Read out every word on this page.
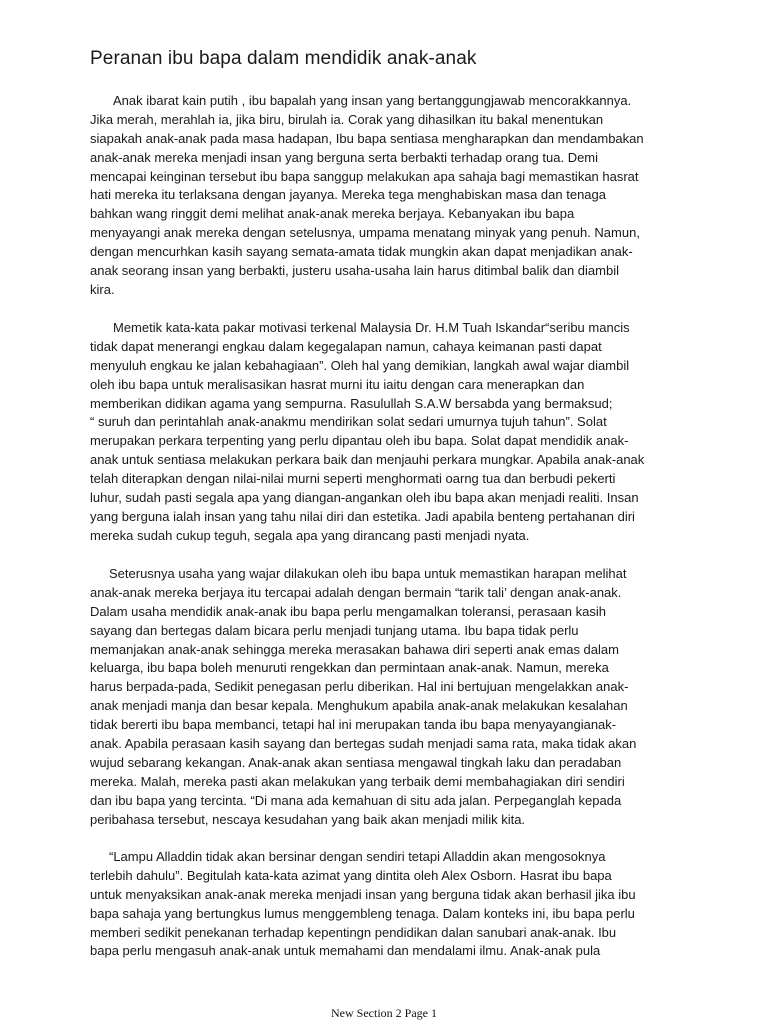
Peranan ibu bapa dalam mendidik anak-anak
Anak ibarat kain putih , ibu bapalah yang insan yang bertanggungjawab mencorakkannya.
Jika merah, merahlah ia, jika biru, birulah ia. Corak yang dihasilkan itu bakal menentukan
siapakah anak-anak pada masa hadapan, Ibu bapa sentiasa mengharapkan dan mendambakan
anak-anak mereka menjadi insan yang berguna serta berbakti terhadap orang tua. Demi
mencapai keinginan tersebut ibu bapa sanggup melakukan apa sahaja bagi memastikan hasrat
hati mereka itu terlaksana dengan jayanya. Mereka tega menghabiskan masa dan tenaga
bahkan wang ringgit demi melihat anak-anak mereka berjaya. Kebanyakan ibu bapa
menyayangi anak mereka dengan setelusnya, umpama menatang minyak yang penuh. Namun,
dengan mencurhkan kasih sayang semata-amata tidak mungkin akan dapat menjadikan anak-
anak seorang insan yang berbakti, justeru usaha-usaha lain harus ditimbal balik dan diambil
kira.
Memetik kata-kata pakar motivasi terkenal Malaysia Dr. H.M Tuah Iskandar“seribu mancis
tidak dapat menerangi engkau dalam kegegalapan namun, cahaya keimanan pasti dapat
menyuluh engkau ke jalan kebahagiaan”. Oleh hal yang demikian, langkah awal wajar diambil
oleh ibu bapa untuk meralisasikan hasrat murni itu iaitu dengan cara menerapkan dan
memberikan didikan agama yang sempurna. Rasulullah S.A.W bersabda yang bermaksud;
“ suruh dan perintahlah anak-anakmu mendirikan solat sedari umurnya tujuh tahun”. Solat
merupakan perkara terpenting yang perlu dipantau oleh ibu bapa. Solat dapat mendidik anak-
anak untuk sentiasa melakukan perkara baik dan menjauhi perkara mungkar. Apabila anak-anak
telah diterapkan dengan nilai-nilai murni seperti menghormati oarng tua dan berbudi pekerti
luhur, sudah pasti segala apa yang diangan-angankan oleh ibu bapa akan menjadi realiti. Insan
yang berguna ialah insan yang tahu nilai diri dan estetika. Jadi apabila benteng pertahanan diri
mereka sudah cukup teguh, segala apa yang dirancang pasti menjadi nyata.
Seterusnya usaha yang wajar dilakukan oleh ibu bapa untuk memastikan harapan melihat
anak-anak mereka berjaya itu tercapai adalah dengan bermain “tarik tali’ dengan anak-anak.
Dalam usaha mendidik anak-anak ibu bapa perlu mengamalkan toleransi, perasaan kasih
sayang dan bertegas dalam bicara perlu menjadi tunjang utama. Ibu bapa tidak perlu
memanjakan anak-anak sehingga mereka merasakan bahawa diri seperti anak emas dalam
keluarga, ibu bapa boleh menuruti rengekkan dan permintaan anak-anak. Namun, mereka
harus berpada-pada, Sedikit penegasan perlu diberikan. Hal ini bertujuan mengelakkan anak-
anak menjadi manja dan besar kepala. Menghukum apabila anak-anak melakukan kesalahan
tidak bererti ibu bapa membanci, tetapi hal ini merupakan tanda ibu bapa menyayangianak-
anak. Apabila perasaan kasih sayang dan bertegas sudah menjadi sama rata, maka tidak akan
wujud sebarang kekangan. Anak-anak akan sentiasa mengawal tingkah laku dan peradaban
mereka. Malah, mereka pasti akan melakukan yang terbaik demi membahagiakan diri sendiri
dan ibu bapa yang tercinta. “Di mana ada kemahuan di situ ada jalan. Perpeganglah kepada
peribahasa tersebut, nescaya kesudahan yang baik akan menjadi milik kita.
“Lampu Alladdin tidak akan bersinar dengan sendiri tetapi Alladdin akan mengosoknya
terlebih dahulu”. Begitulah kata-kata azimat yang dintita oleh Alex Osborn. Hasrat ibu bapa
untuk menyaksikan anak-anak mereka menjadi insan yang berguna tidak akan berhasil jika ibu
bapa sahaja yang bertungkus lumus menggembleng tenaga. Dalam konteks ini, ibu bapa perlu
memberi sedikit penekanan terhadap kepentingn pendidikan dalan sanubari anak-anak. Ibu
bapa perlu mengasuh anak-anak untuk memahami dan mendalami ilmu. Anak-anak pula
New Section 2 Page 1
